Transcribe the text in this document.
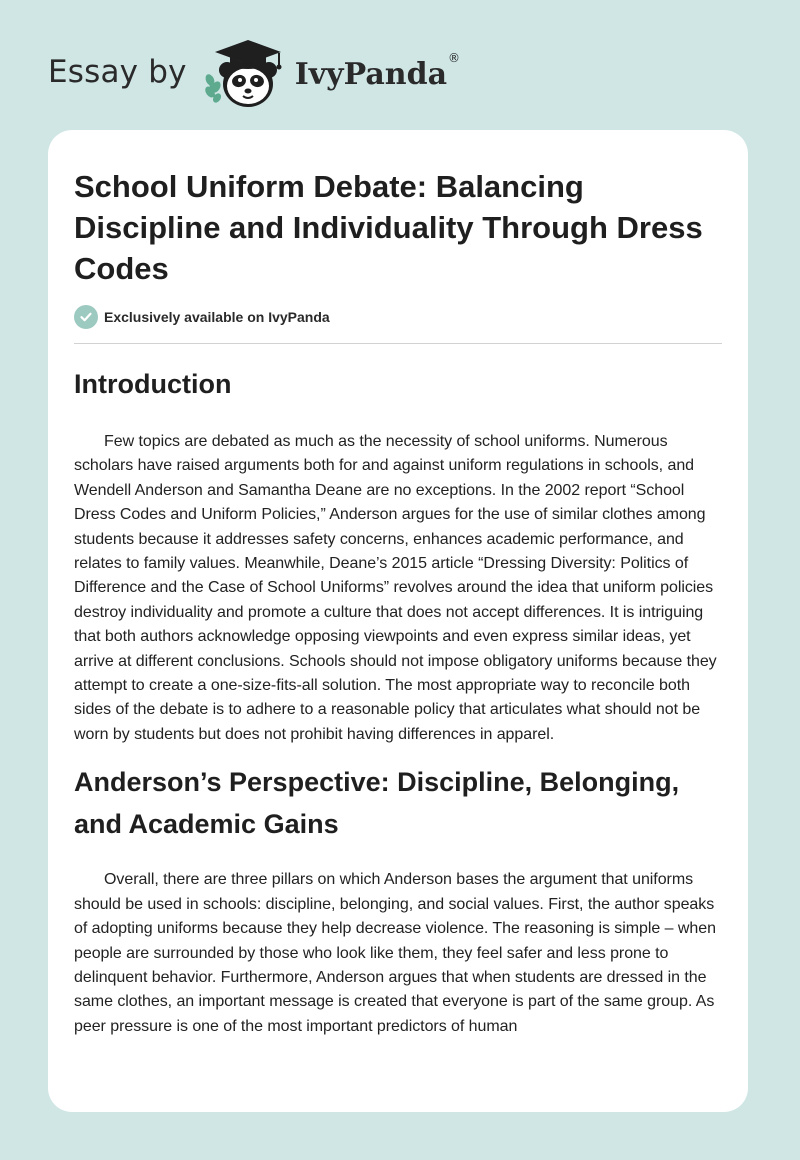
Essay by	IvyPanda ®
School Uniform Debate: Balancing Discipline and Individuality Through Dress Codes
Exclusively available on IvyPanda
Introduction

Few topics are debated as much as the necessity of school uniforms. Numerous scholars have raised arguments both for and against uniform regulations in schools, and Wendell Anderson and Samantha Deane are no exceptions. In the 2002 report “School Dress Codes and Uniform Policies,” Anderson argues for the use of similar clothes among students because it addresses safety concerns, enhances academic performance, and relates to family values. Meanwhile, Deane’s 2015 article “Dressing Diversity: Politics of Difference and the Case of School Uniforms” revolves around the idea that uniform policies destroy individuality and promote a culture that does not accept differences. It is intriguing that both authors acknowledge opposing viewpoints and even express similar ideas, yet arrive at different conclusions. Schools should not impose obligatory uniforms because they attempt to create a one-size-fits-all solution. The most appropriate way to reconcile both sides of the debate is to adhere to a reasonable policy that articulates what should not be worn by students but does not prohibit having differences in apparel.

Anderson’s Perspective: Discipline, Belonging, and Academic Gains

Overall, there are three pillars on which Anderson bases the argument that uniforms should be used in schools: discipline, belonging, and social values. First, the author speaks of adopting uniforms because they help decrease violence. The reasoning is simple – when people are surrounded by those who look like them, they feel safer and less prone to delinquent behavior. Furthermore, Anderson argues that when students are dressed in the same clothes, an important message is created that everyone is part of the same group. As peer pressure is one of the most important predictors of human
